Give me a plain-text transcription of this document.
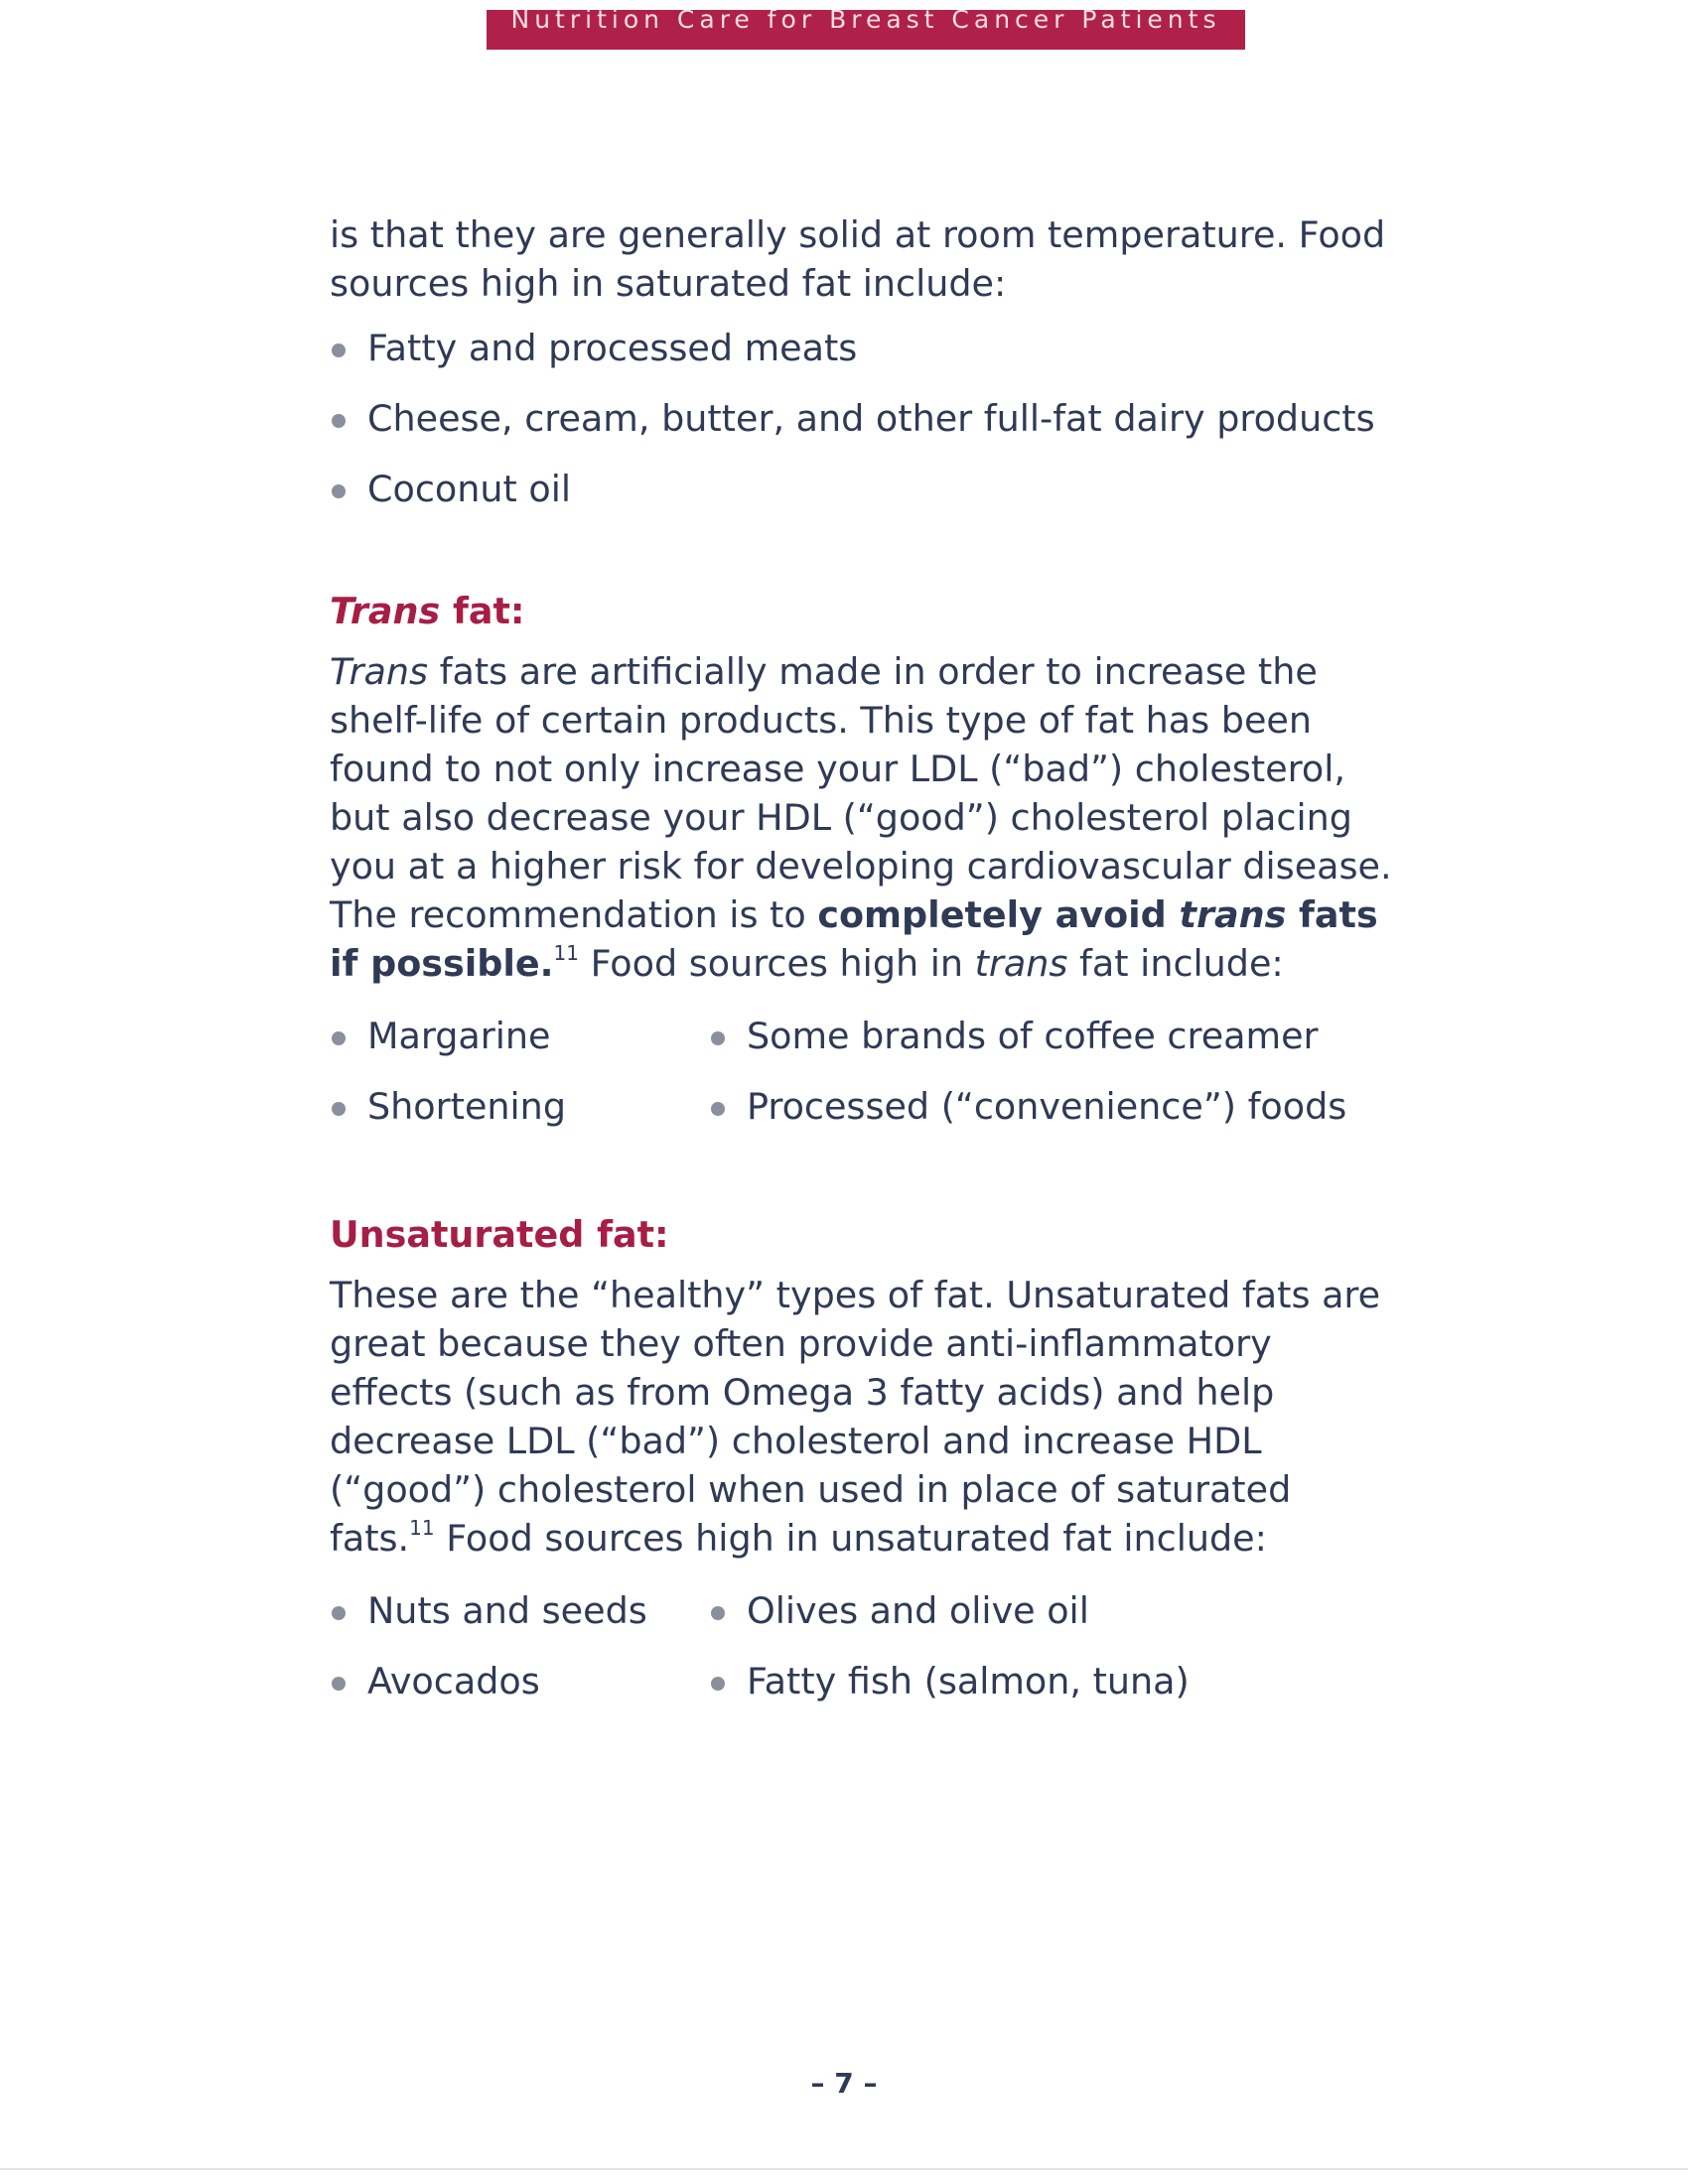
Nutrition Care for Breast Cancer Patients

is that they are generally solid at room temperature. Food sources high in saturated fat include:

Fatty and processed meats
Cheese, cream, butter, and other full-fat dairy products
Coconut oil
Trans fat:

Trans fats are artificially made in order to increase the shelf-life of certain products. This type of fat has been found to not only increase your LDL (“bad”) cholesterol, but also decrease your HDL (“good”) cholesterol placing you at a higher risk for developing cardiovascular disease. The recommendation is to completely avoid trans fats if possible.$^{11}$ Food sources high in trans fat include:

Margarine
Shortening
Some brands of coffee creamer
Processed (“convenience”) foods
Unsaturated fat:

These are the “healthy” types of fat. Unsaturated fats are great because they often provide anti-inflammatory effects (such as from Omega 3 fatty acids) and help decrease LDL (“bad”) cholesterol and increase HDL (“good”) cholesterol when used in place of saturated fats.$^{11}$ Food sources high in unsaturated fat include:

Nuts and seeds
Avocados
Olives and olive oil
Fatty fish (salmon, tuna)
– 7 –
